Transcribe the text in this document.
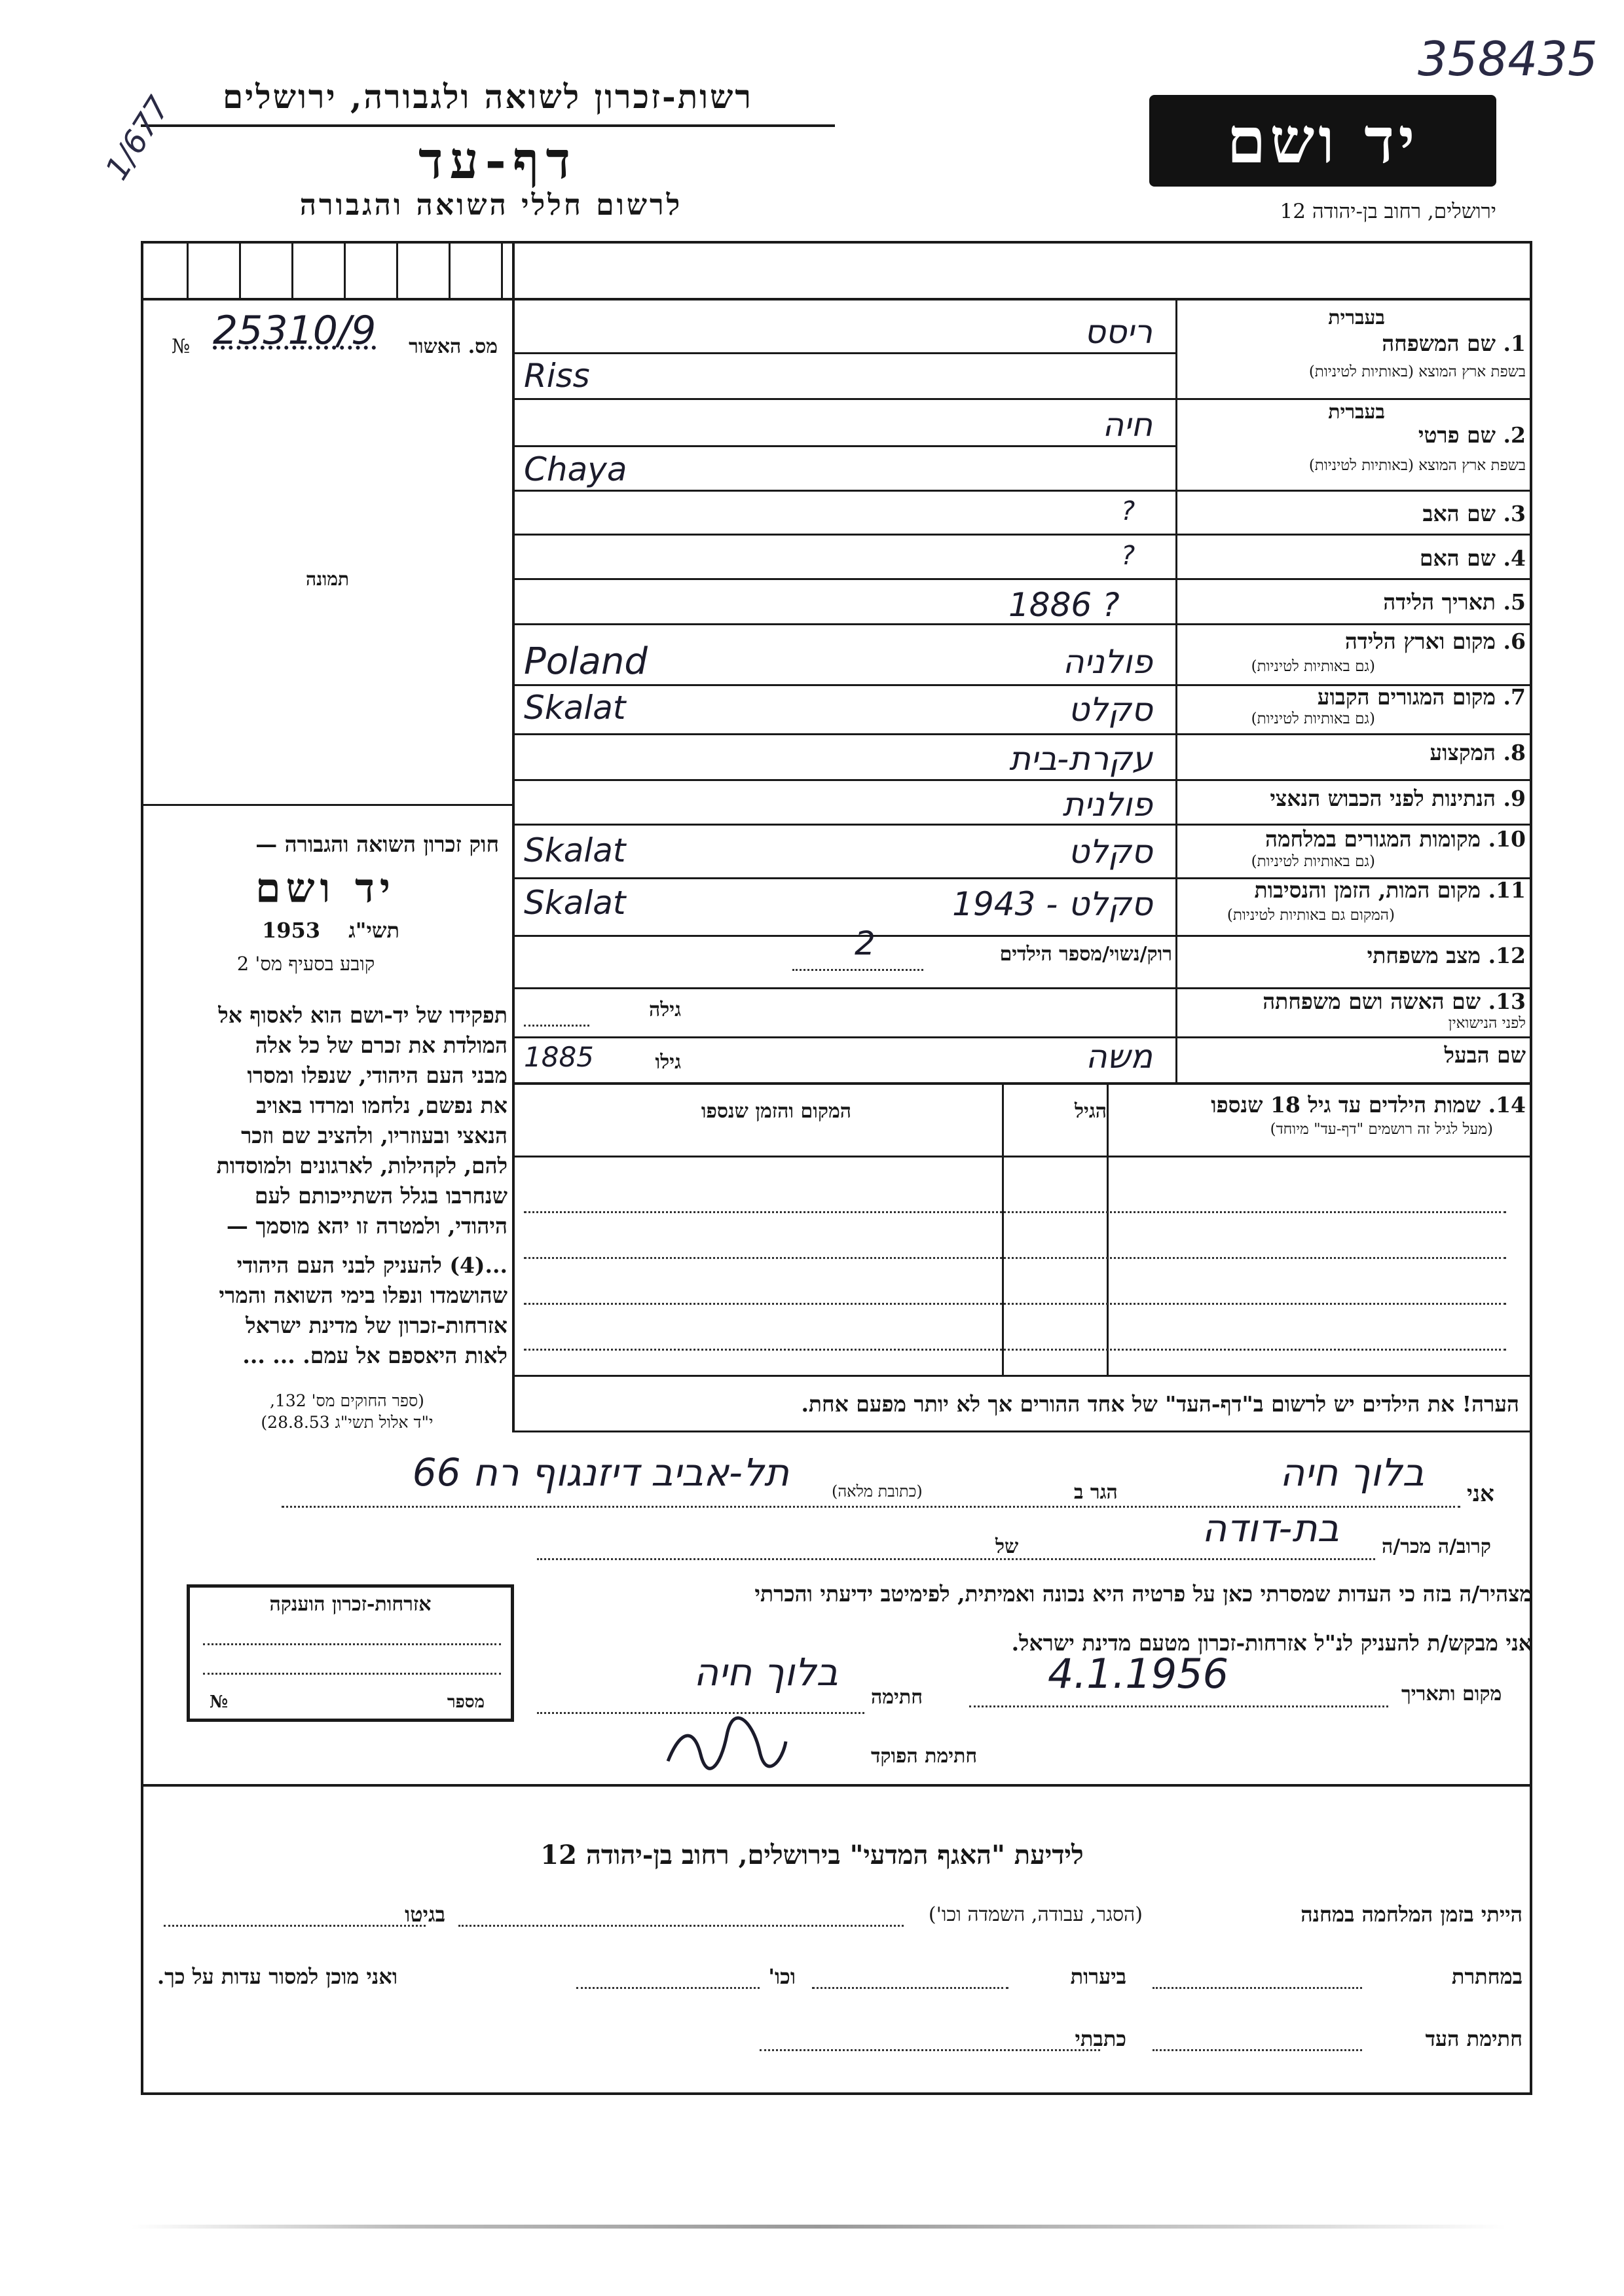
רשות-זכרון לשואה ולגבורה, ירושלים
דף-עד
לרשום חללי השואה והגבורה
יד ושם
ירושלים, רחוב בן-יהודה 12
358435
1/677
№ 25310/9	מס. האשור
תמונה
חוק זכרון השואה והגבורה —
יד ושם
תשי"ג
1953
קובע בסעיף מס' 2
תפקידו של יד-ושם הוא לאסוף אל
המולדת את זכרם של כל אלה
מבני העם היהודי, שנפלו ומסרו
את נפשם, נלחמו ומרדו באויב
הנאצי ובעוזריו, ולהציב שם וזכר
להם, לקהילות, לארגונים ולמוסדות
שנחרבו בגלל השתייכותם לעם
היהודי, ולמטרה זו יהא מוסמך —
...(4) להעניק לבני העם היהודי
שהושמדו ונפלו בימי השואה והמרי
אזרחות-זכרון של מדינת ישראל
לאות היאספם אל עמם. ... ...
(ספר החוקים מס' 132,
י"ד אלול תשי"ג 28.8.53)
1. שם המשפחה
בשפת ארץ המוצא (באותיות לטיניות)
בעברית
ריסס
Riss
2. שם פרטי
בשפת ארץ המוצא (באותיות לטיניות)
בעברית
חיה
Chaya
3. שם האב
?
4. שם האם
?
5. תאריך הלידה
1886 ?
6. מקום וארץ הלידה
(גם באותיות לטיניות)
פולניה
Poland
7. מקום המגורים הקבוע
(גם באותיות לטיניות)
סקלט
Skalat
8. המקצוע
עקרת-בית
9. הנתינות לפני הכבוש הנאצי
פולנית
10. מקומות המגורים במלחמה
(גם באותיות לטיניות)
סקלט
Skalat
11. מקום המות, הזמן והנסיבות
(המקום גם באותיות לטיניות)
סקלט - 1943
Skalat
12. מצב משפחתי
רוק/נשוי/מספר הילדים
2
13. שם האשה ושם משפחתה
לפני הנישואין
גילה
שם הבעל
משה
גילו
1885
14. שמות הילדים עד גיל 18 שנספו
(מעל לגיל זה רושמים "דף-עד" מיוחד)
הגיל
המקום והזמן שנספו
הערה! את הילדים יש לרשום ב"דף-העד" של אחד ההורים אך לא יותר מפעם אחת.
אני
בלוך חיה
הגר ב
(כתובת מלאה)
תל-אביב דיזנגוף רח 66
קרוב/ה מכר/ה
בת-דודה
של
מצהיר/ה בזה כי העדות שמסרתי כאן על פרטיה היא נכונה ואמיתית, לפימיטב ידיעתי והכרתי
אני מבקש/ת להעניק לנ"ל אזרחות-זכרון מטעם מדינת ישראל.
מקום ותאריך
4.1.1956
חתימה
בלוך חיה
חתימת הפוקד
אזרחות-זכרון הוענקה
מספר
№
לידיעת "האגף המדעי" בירושלים, רחוב בן-יהודה 12
הייתי בזמן המלחמה במחנה
(הסגר, עבודה, השמדה וכו')
בגיטו
במחתרת
ביערות
וכו'
ואני מוכן למסור עדות על כך.
חתימת העד
כתבתי
